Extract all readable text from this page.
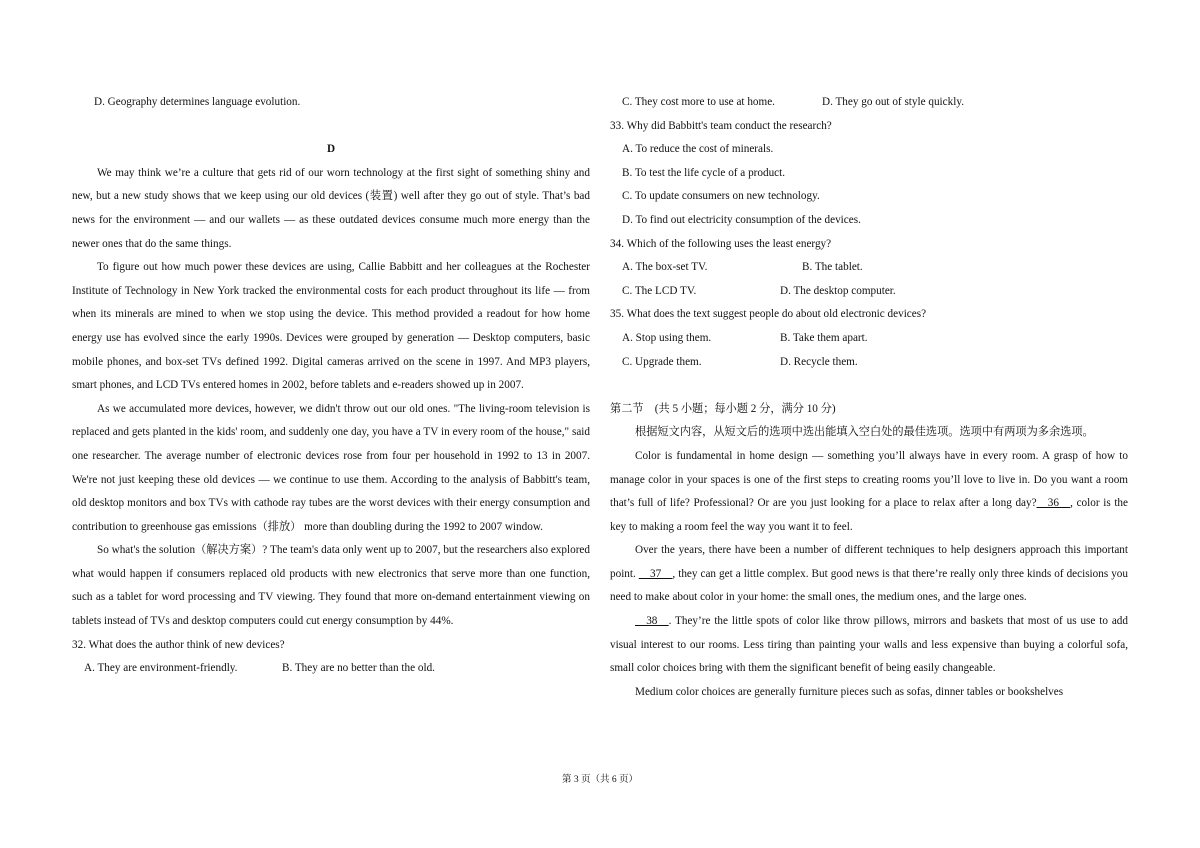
D. Geography determines language evolution.

D

We may think we’re a culture that gets rid of our worn technology at the first sight of something shiny and new, but a new study shows that we keep using our old devices (装置) well after they go out of style. That’s bad news for the environment — and our wallets — as these outdated devices consume much more energy than the newer ones that do the same things.

To figure out how much power these devices are using, Callie Babbitt and her colleagues at the Rochester Institute of Technology in New York tracked the environmental costs for each product throughout its life — from when its minerals are mined to when we stop using the device. This method provided a readout for how home energy use has evolved since the early 1990s. Devices were grouped by generation — Desktop computers, basic mobile phones, and box-set TVs defined 1992. Digital cameras arrived on the scene in 1997. And MP3 players, smart phones, and LCD TVs entered homes in 2002, before tablets and e-readers showed up in 2007.

As we accumulated more devices, however, we didn't throw out our old ones. "The living-room television is replaced and gets planted in the kids' room, and suddenly one day, you have a TV in every room of the house," said one researcher. The average number of electronic devices rose from four per household in 1992 to 13 in 2007. We're not just keeping these old devices — we continue to use them. According to the analysis of Babbitt's team, old desktop monitors and box TVs with cathode ray tubes are the worst devices with their energy consumption and contribution to greenhouse gas emissions（排放） more than doubling during the 1992 to 2007 window.

So what's the solution（解决方案）? The team's data only went up to 2007, but the researchers also explored what would happen if consumers replaced old products with new electronics that serve more than one function, such as a tablet for word processing and TV viewing. They found that more on-demand entertainment viewing on tablets instead of TVs and desktop computers could cut energy consumption by 44%.

32. What does the author think of new devices?

A. They are environment-friendly.	B. They are no better than the old.

C. They cost more to use at home.	D. They go out of style quickly.

33. Why did Babbitt's team conduct the research?

A. To reduce the cost of minerals.

B. To test the life cycle of a product.

C. To update consumers on new technology.

D. To find out electricity consumption of the devices.

34. Which of the following uses the least energy?

A. The box-set TV.	B. The tablet.

C. The LCD TV.	D. The desktop computer.

35. What does the text suggest people do about old electronic devices?

A. Stop using them.	B. Take them apart.

C. Upgrade them.	D. Recycle them.

第二节　(共 5 小题；每小题 2 分，满分 10 分)

根据短文内容，从短文后的选项中选出能填入空白处的最佳选项。选项中有两项为多余选项。

Color is fundamental in home design — something you’ll always have in every room. A grasp of how to manage color in your spaces is one of the first steps to creating rooms you’ll love to live in. Do you want a room that’s full of life? Professional? Or are you just looking for a place to relax after a long day?__36__, color is the key to making a room feel the way you want it to feel.

Over the years, there have been a number of different techniques to help designers approach this important point. __37__, they can get a little complex. But good news is that there’re really only three kinds of decisions you need to make about color in your home: the small ones, the medium ones, and the large ones.

__38__. They’re the little spots of color like throw pillows, mirrors and baskets that most of us use to add visual interest to our rooms. Less tiring than painting your walls and less expensive than buying a colorful sofa, small color choices bring with them the significant benefit of being easily changeable.

Medium color choices are generally furniture pieces such as sofas, dinner tables or bookshelves

第 3 页（共 6 页）
